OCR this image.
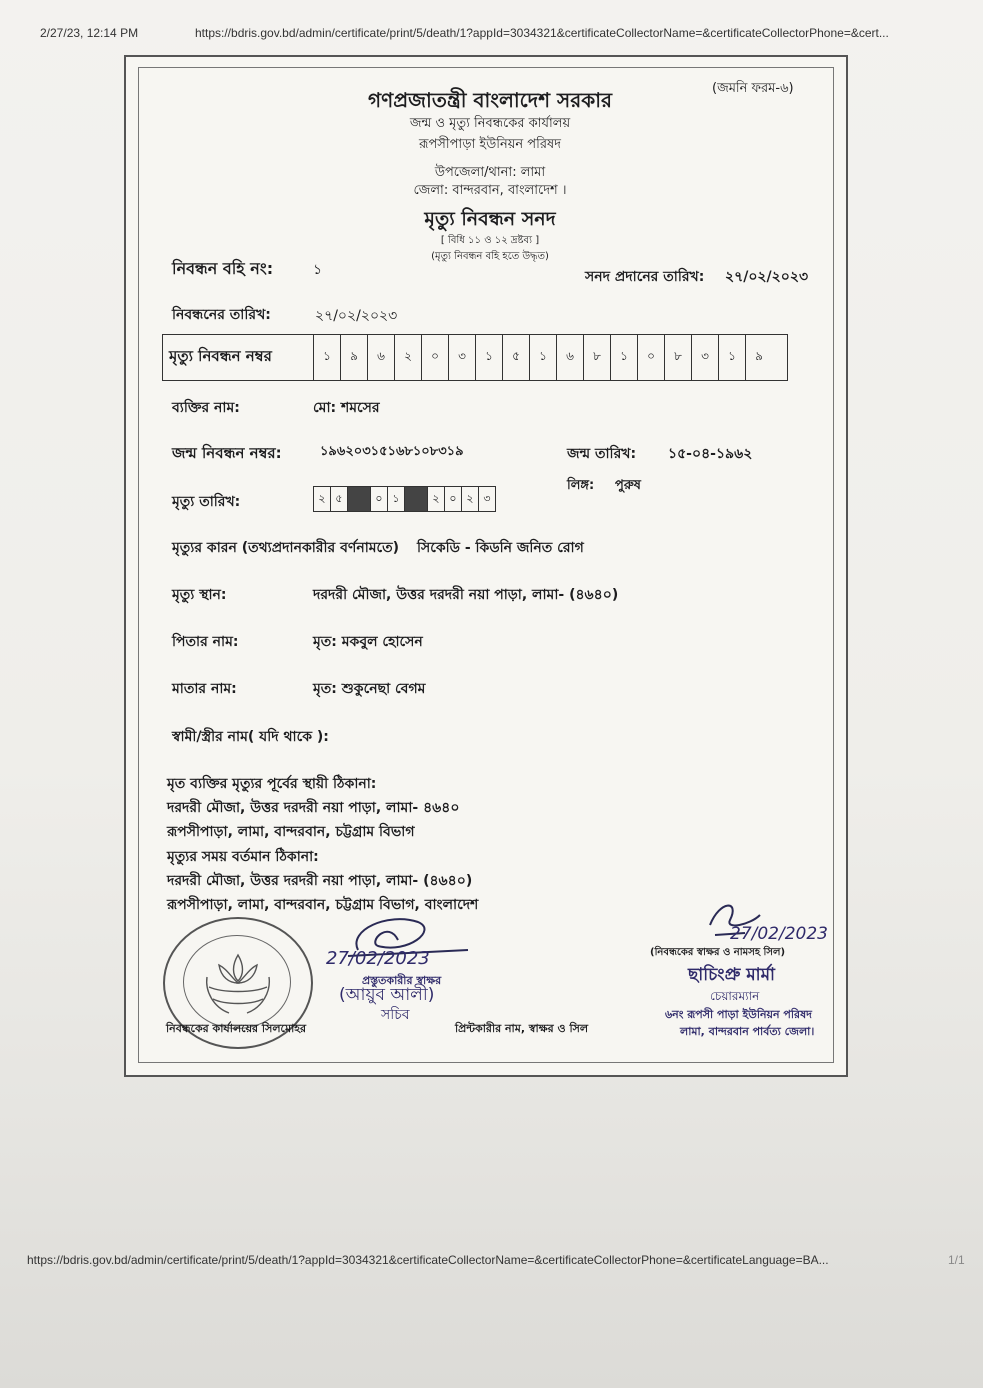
2/27/23, 12:14 PM	https://bdris.gov.bd/admin/certificate/print/5/death/1?appId=3034321&certificateCollectorName=&certificateCollectorPhone=&cert...
(জমনি ফরম-৬)
গণপ্রজাতন্ত্রী বাংলাদেশ সরকার
জন্ম ও মৃত্যু নিবন্ধকের কার্যালয়
রূপসীপাড়া ইউনিয়ন পরিষদ
উপজেলা/থানা: লামা
জেলা: বান্দরবান, বাংলাদেশ ।
মৃত্যু নিবন্ধন সনদ
[ বিধি ১১ ও ১২ দ্রষ্টব্য ]
(মৃত্যু নিবন্ধন বহি হতে উদ্ধৃত)
নিবন্ধন বহি নং:	১	সনদ প্রদানের তারিখ: ২৭/০২/২০২৩
নিবন্ধনের তারিখ:	২৭/০২/২০২৩
মৃত্যু নিবন্ধন নম্বর	১	৯	৬	২	০	৩	১	৫	১	৬	৮	১	০	৮	৩	১	৯
ব্যক্তির নাম:	মো: শমসের
জন্ম নিবন্ধন নম্বর:	১৯৬২০৩১৫১৬৮১০৮৩১৯	জন্ম তারিখ: ১৫-০৪-১৯৬২
লিঙ্গ: পুরুষ
মৃত্যু তারিখ:	২ ৫	০ ১	২ ০ ২ ৩
মৃত্যুর কারন (তথ্যপ্রদানকারীর বর্ণনামতে) সিকেডি - কিডনি জনিত রোগ
মৃত্যু স্থান:	দরদরী মৌজা, উত্তর দরদরী নয়া পাড়া, লামা- (৪৬৪০)
পিতার নাম:	মৃত: মকবুল হোসেন
মাতার নাম:	মৃত: শুকুনেছা বেগম
স্বামী/স্ত্রীর নাম( যদি থাকে ):
মৃত ব্যক্তির মৃত্যুর পূর্বের স্থায়ী ঠিকানা:
দরদরী মৌজা, উত্তর দরদরী নয়া পাড়া, লামা- ৪৬৪০
রূপসীপাড়া, লামা, বান্দরবান, চট্টগ্রাম বিভাগ
মৃত্যুর সময় বর্তমান ঠিকানা:
দরদরী মৌজা, উত্তর দরদরী নয়া পাড়া, লামা- (৪৬৪০)
রূপসীপাড়া, লামা, বান্দরবান, চট্টগ্রাম বিভাগ, বাংলাদেশ
27/02/2023
প্রস্তুতকারীর স্বাক্ষর
(আয়ুব আলী)
সচিব
27/02/2023
(নিবন্ধকের স্বাক্ষর ও নামসহ সিল)
ছাচিংপ্রু মার্মা
চেয়ারম্যান
৬নং রূপসী পাড়া ইউনিয়ন পরিষদ
লামা, বান্দরবান পার্বত্য জেলা।
নিবন্ধকের কার্যালয়ের সিলমোহর	প্রিন্টকারীর নাম, স্বাক্ষর ও সিল
https://bdris.gov.bd/admin/certificate/print/5/death/1?appId=3034321&certificateCollectorName=&certificateCollectorPhone=&certificateLanguage=BA...	1/1
